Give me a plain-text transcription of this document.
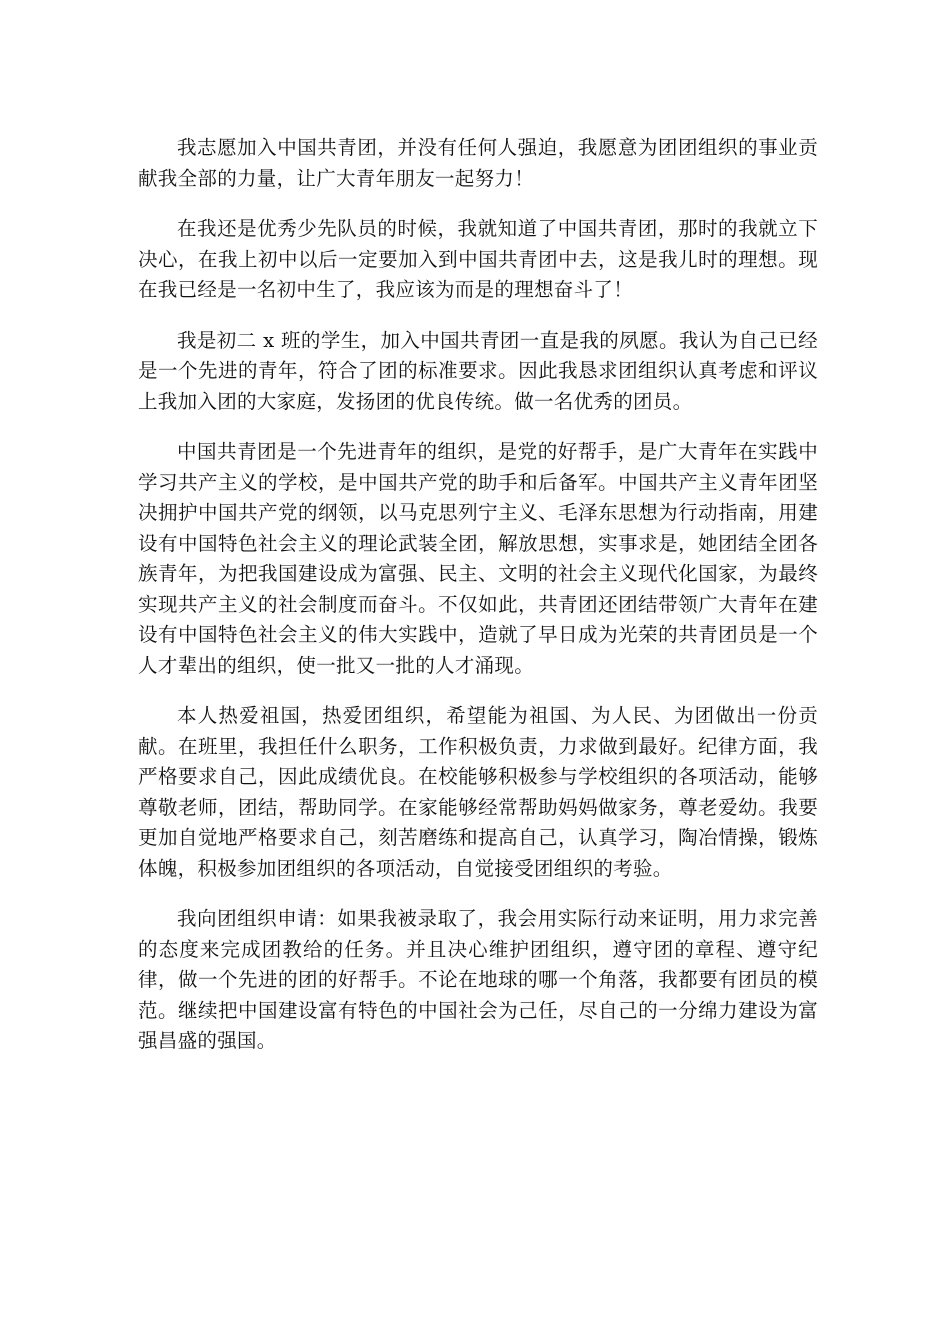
我志愿加入中国共青团，并没有任何人强迫，我愿意为团团组织的事业贡献我全部的力量，让广大青年朋友一起努力！

在我还是优秀少先队员的时候，我就知道了中国共青团，那时的我就立下决心，在我上初中以后一定要加入到中国共青团中去，这是我儿时的理想。现在我已经是一名初中生了，我应该为而是的理想奋斗了！

我是初二 x 班的学生，加入中国共青团一直是我的夙愿。我认为自己已经是一个先进的青年，符合了团的标准要求。因此我恳求团组织认真考虑和评议上我加入团的大家庭，发扬团的优良传统。做一名优秀的团员。

中国共青团是一个先进青年的组织，是党的好帮手，是广大青年在实践中学习共产主义的学校，是中国共产党的助手和后备军。中国共产主义青年团坚决拥护中国共产党的纲领，以马克思列宁主义、毛泽东思想为行动指南，用建设有中国特色社会主义的理论武装全团，解放思想，实事求是，她团结全团各族青年，为把我国建设成为富强、民主、文明的社会主义现代化国家，为最终实现共产主义的社会制度而奋斗。不仅如此，共青团还团结带领广大青年在建设有中国特色社会主义的伟大实践中，造就了早日成为光荣的共青团员是一个人才辈出的组织，使一批又一批的人才涌现。

本人热爱祖国，热爱团组织，希望能为祖国、为人民、为团做出一份贡献。在班里，我担任什么职务，工作积极负责，力求做到最好。纪律方面，我严格要求自己，因此成绩优良。在校能够积极参与学校组织的各项活动，能够尊敬老师，团结，帮助同学。在家能够经常帮助妈妈做家务，尊老爱幼。我要更加自觉地严格要求自己，刻苦磨练和提高自己，认真学习，陶冶情操，锻炼体魄，积极参加团组织的各项活动，自觉接受团组织的考验。

我向团组织申请：如果我被录取了，我会用实际行动来证明，用力求完善的态度来完成团教给的任务。并且决心维护团组织，遵守团的章程、遵守纪律，做一个先进的团的好帮手。不论在地球的哪一个角落，我都要有团员的模范。继续把中国建设富有特色的中国社会为己任，尽自己的一分绵力建设为富强昌盛的强国。
